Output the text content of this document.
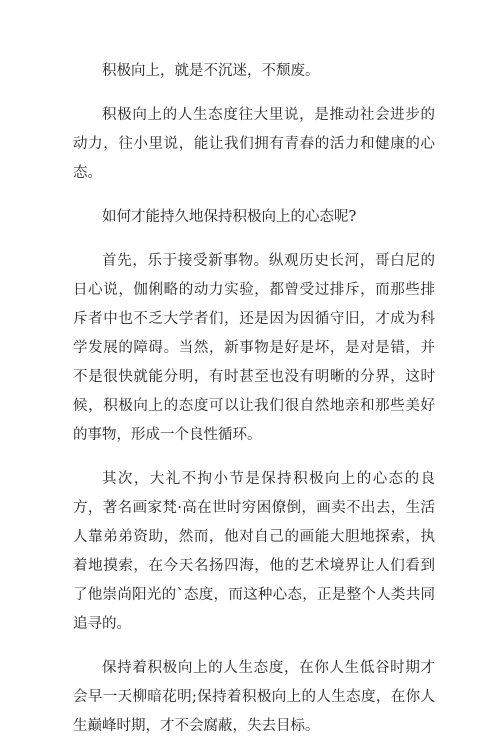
积极向上，就是不沉迷，不颓废。

积极向上的人生态度往大里说，是推动社会进步的动力，往小里说，能让我们拥有青春的活力和健康的心态。

如何才能持久地保持积极向上的心态呢?

首先，乐于接受新事物。纵观历史长河，哥白尼的日心说，伽俐略的动力实验，都曾受过排斥，而那些排斥者中也不乏大学者们，还是因为因循守旧，才成为科学发展的障碍。当然，新事物是好是坏，是对是错，并不是很快就能分明，有时甚至也没有明晰的分界，这时候，积极向上的态度可以让我们很自然地亲和那些美好的事物，形成一个良性循环。

其次，大礼不拘小节是保持积极向上的心态的良方，著名画家梵·高在世时穷困僚倒，画卖不出去，生活人靠弟弟资助，然而，他对自己的画能大胆地探索，执着地摸索，在今天名扬四海，他的艺术境界让人们看到了他崇尚阳光的`态度，而这种心态，正是整个人类共同追寻的。

保持着积极向上的人生态度，在你人生低谷时期才会早一天柳暗花明;保持着积极向上的人生态度，在你人生巅峰时期，才不会腐蔽，失去目标。
